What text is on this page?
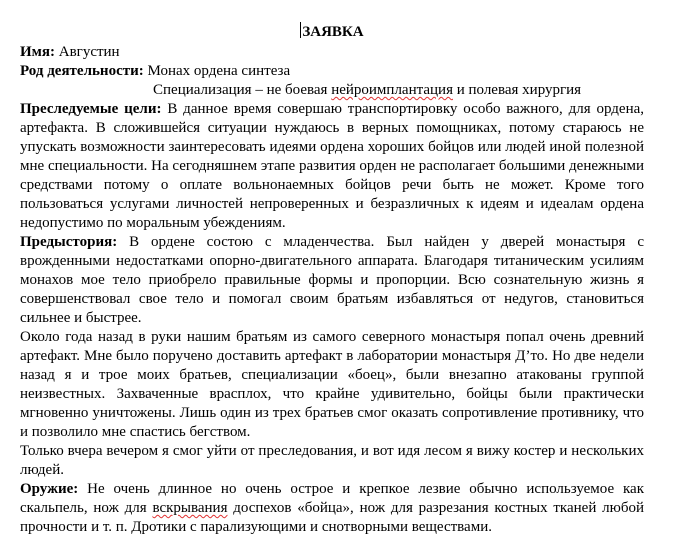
ЗАЯВКА

Имя: Августин

Род деятельности: Монах ордена синтеза

Специализация – не боевая нейроимплантация и полевая хирургия

Преследуемые цели: В данное время совершаю транспортировку особо важного, для ордена, артефакта. В сложившейся ситуации нуждаюсь в верных помощниках, потому стараюсь не упускать возможности заинтересовать идеями ордена хороших бойцов или людей иной полезной мне специальности. На сегодняшнем этапе развития орден не располагает большими денежными средствами потому о оплате вольнонаемных бойцов речи быть не может. Кроме того пользоваться услугами личностей непроверенных и безразличных к идеям и идеалам ордена недопустимо по моральным убеждениям.

Предыстория: В ордене состою с младенчества. Был найден у дверей монастыря с врожденными недостатками опорно-двигательного аппарата. Благодаря титаническим усилиям монахов мое тело приобрело правильные формы и пропорции. Всю сознательную жизнь я совершенствовал свое тело и помогал своим братьям избавляться от недугов, становиться сильнее и быстрее.

Около года назад в руки нашим братьям из самого северного монастыря попал очень древний артефакт. Мне было поручено доставить артефакт в лаборатории монастыря Д’то. Но две недели назад я и трое моих братьев, специализации «боец», были внезапно атакованы группой неизвестных. Захваченные врасплох, что крайне удивительно, бойцы были практически мгновенно уничтожены. Лишь один из трех братьев смог оказать сопротивление противнику, что и позволило мне спастись бегством.

Только вчера вечером я смог уйти от преследования, и вот идя лесом я вижу костер и нескольких людей.

Оружие: Не очень длинное но очень острое и крепкое лезвие обычно используемое как скальпель, нож для вскрывания доспехов «бойца», нож для разрезания костных тканей любой прочности и т. п. Дротики с парализующими и снотворными веществами.
